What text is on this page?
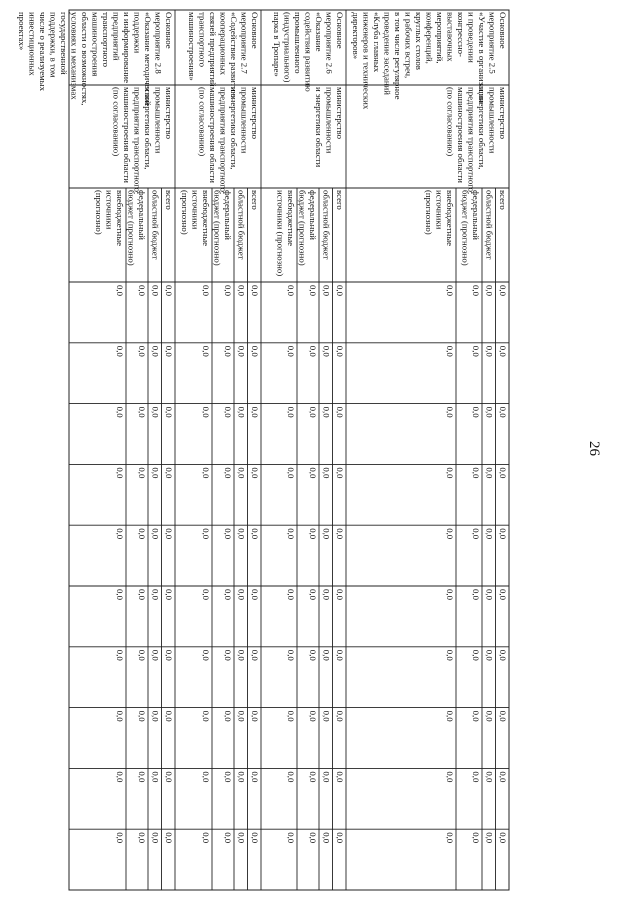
26
Основное
мероприятие 2.5
«Участие в организации
и проведении
конгрессно-
выставочных
мероприятий,
конференций,
круглых столов
и рабочих встреч,
в том числе регулярное
проведение заседаний
«Клуба главных
инженеров и технических
директоров»
министерство
промышленности
и энергетики области,
предприятия транспортного
машиностроения области
(по согласованию)
всего
0,0
0,0
0,0
0,0
0,0
0,0
0,0
0,0
0,0
0,0
областной бюджет
0,0
0,0
0,0
0,0
0,0
0,0
0,0
0,0
0,0
0,0
федеральный
бюджет (прогнозно)
0,0
0,0
0,0
0,0
0,0
0,0
0,0
0,0
0,0
0,0
внебюджетные
источники
(прогнозно)
0,0
0,0
0,0
0,0
0,0
0,0
0,0
0,0
0,0
0,0
Основное
мероприятие 2.6
«Оказание
содействия развитию
промышленного
(индустриального)
парка в Тропаре»
министерство
промышленности
и энергетики области
всего
0,0
0,0
0,0
0,0
0,0
0,0
0,0
0,0
0,0
0,0
областной бюджет
0,0
0,0
0,0
0,0
0,0
0,0
0,0
0,0
0,0
0,0
федеральный
бюджет (прогнозно)
0,0
0,0
0,0
0,0
0,0
0,0
0,0
0,0
0,0
0,0
внебюджетные
источники (прогнозно)
0,0
0,0
0,0
0,0
0,0
0,0
0,0
0,0
0,0
0,0
Основное
мероприятие 2.7
«Содействие развитию
кооперационных
связей предприятий
транспортного
машиностроения»
министерство
промышленности
и энергетики области,
предприятия транспортного
машиностроения области
(по согласованию)
всего
0,0
0,0
0,0
0,0
0,0
0,0
0,0
0,0
0,0
0,0
областной бюджет
0,0
0,0
0,0
0,0
0,0
0,0
0,0
0,0
0,0
0,0
федеральный
бюджет (прогнозно)
0,0
0,0
0,0
0,0
0,0
0,0
0,0
0,0
0,0
0,0
внебюджетные
источники
(прогнозно)
0,0
0,0
0,0
0,0
0,0
0,0
0,0
0,0
0,0
0,0
Основное
мероприятие 2.8
«Оказание методической
поддержки
и информирование
предприятий
транспортного
машиностроения
области о возможностях,
условиях и механизмах
государственной
поддержки, в том
числе о реализуемых
инвестиционных
проектах»
министерство
промышленности
и энергетики области,
предприятия транспортного
машиностроения области
(по согласованию)
всего
0,0
0,0
0,0
0,0
0,0
0,0
0,0
0,0
0,0
0,0
областной бюджет
0,0
0,0
0,0
0,0
0,0
0,0
0,0
0,0
0,0
0,0
федеральный
бюджет (прогнозно)
0,0
0,0
0,0
0,0
0,0
0,0
0,0
0,0
0,0
0,0
внебюджетные
источники
(прогнозно)
0,0
0,0
0,0
0,0
0,0
0,0
0,0
0,0
0,0
0,0
